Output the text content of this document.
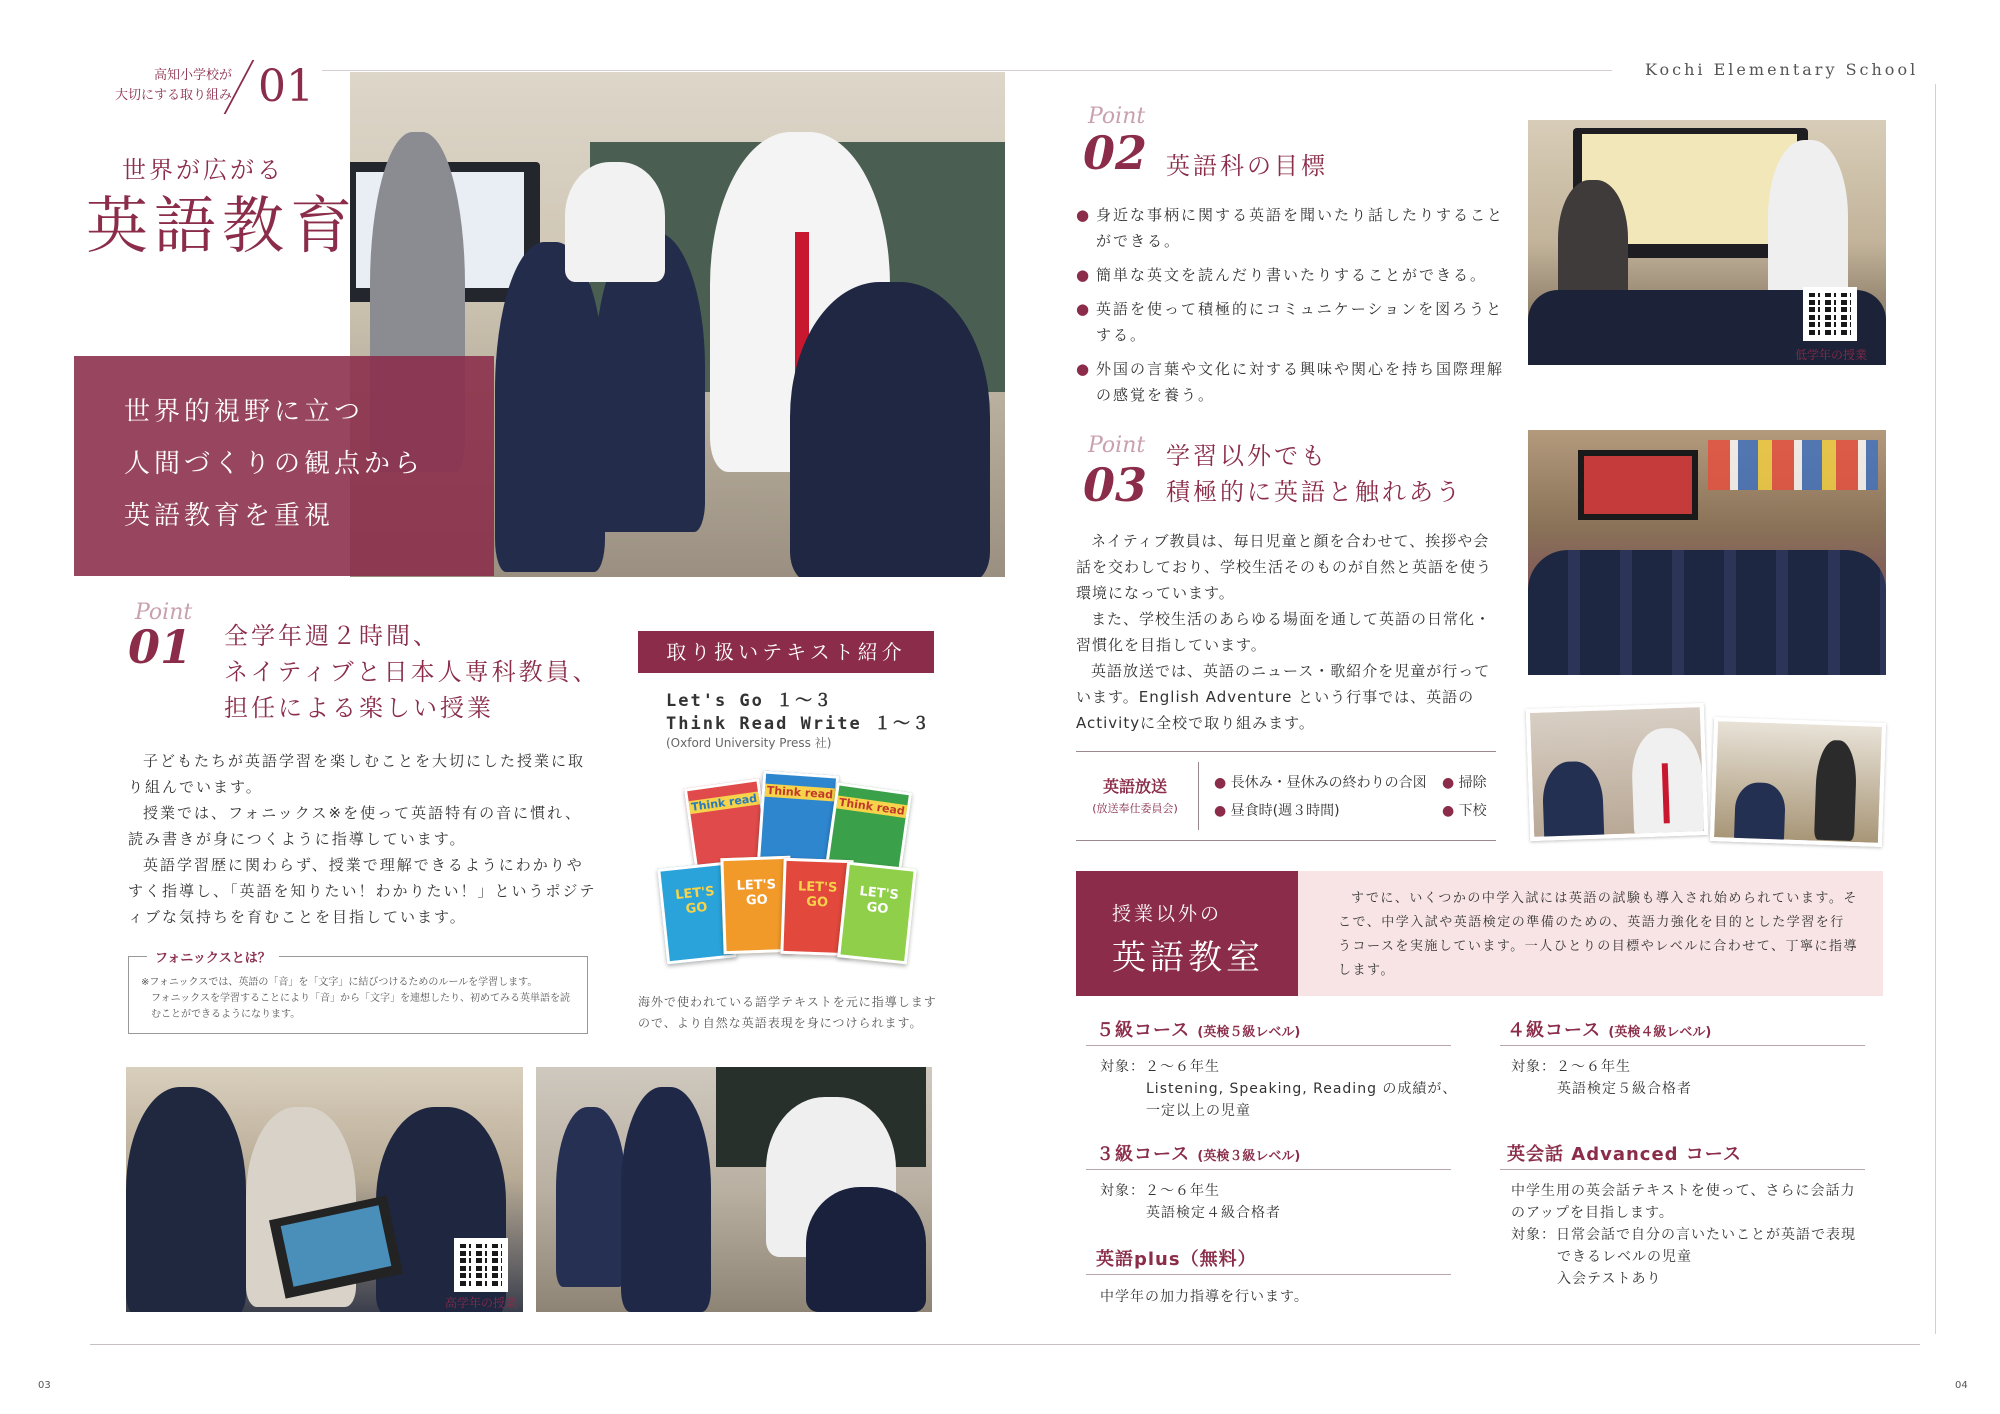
高知小学校が
大切にする取り組み 01	Kochi Elementary School
世界が広がる
英語教育
世界的視野に立つ
人間づくりの観点から
英語教育を重視
Point
01 全学年週２時間、
ネイティブと日本人専科教員、
担任による楽しい授業

子どもたちが英語学習を楽しむことを大切にした授業に取り組んでいます。

授業では、フォニックス※を使って英語特有の音に慣れ、読み書きが身につくように指導しています。

英語学習歴に関わらず、授業で理解できるようにわかりやすく指導し、「英語を知りたい！わかりたい！」というポジティブな気持ちを育むことを目指しています。

フォニックスとは？
※フォニックスでは、英語の「音」を「文字」に結びつけるためのルールを学習します。
フォニックスを学習することにより「音」から「文字」を連想したり、初めてみる英単語を読むことができるようになります。
取り扱いテキスト紹介
Let's Go １～３
Think Read Write １～３
(Oxford University Press 社)
Think read Think read
Think read
LET'S GO
LET'S GO
LET'S GO	LET'S GO
海外で使われている語学テキストを元に指導しますので、より自然な英語表現を身につけられます。
高学年の授業
Point
02 英語科の目標
● 身近な事柄に関する英語を聞いたり話したりすることができる。
● 簡単な英文を読んだり書いたりすることができる。
● 英語を使って積極的にコミュニケーションを図ろうとする。
● 外国の言葉や文化に対する興味や関心を持ち国際理解の感覚を養う。
低学年の授業
Point
03
学習以外でも
積極的に英語と触れあう

ネイティブ教員は、毎日児童と顔を合わせて、挨拶や会話を交わしており、学校生活そのものが自然と英語を使う環境になっています。

また、学校生活のあらゆる場面を通して英語の日常化・習慣化を目指しています。

英語放送では、英語のニュース・歌紹介を児童が行っています。English Adventure という行事では、英語のActivityに全校で取り組みます。

英語放送
(放送奉仕委員会)
● 長休み・昼休みの終わりの合図
● 昼食時(週３時間)
● 掃除
● 下校
授業以外の
英語教室
すでに、いくつかの中学入試には英語の試験も導入され始められています。そこで、中学入試や英語検定の準備のための、英語力強化を目的とした学習を行うコースを実施しています。一人ひとりの目標やレベルに合わせて、丁寧に指導します。
５級コース (英検５級レベル)
対象：２～６年生
Listening, Speaking, Reading の成績が、
一定以上の児童
４級コース (英検４級レベル)
対象：２～６年生
英語検定５級合格者
３級コース (英検３級レベル)
対象：２～６年生
英語検定４級合格者
英会話 Advanced コース
中学生用の英会話テキストを使って、さらに会話力のアップを目指します。
対象：日常会話で自分の言いたいことが英語で表現
できるレベルの児童
入会テストあり
英語plus（無料）
中学年の加力指導を行います。
03	04
